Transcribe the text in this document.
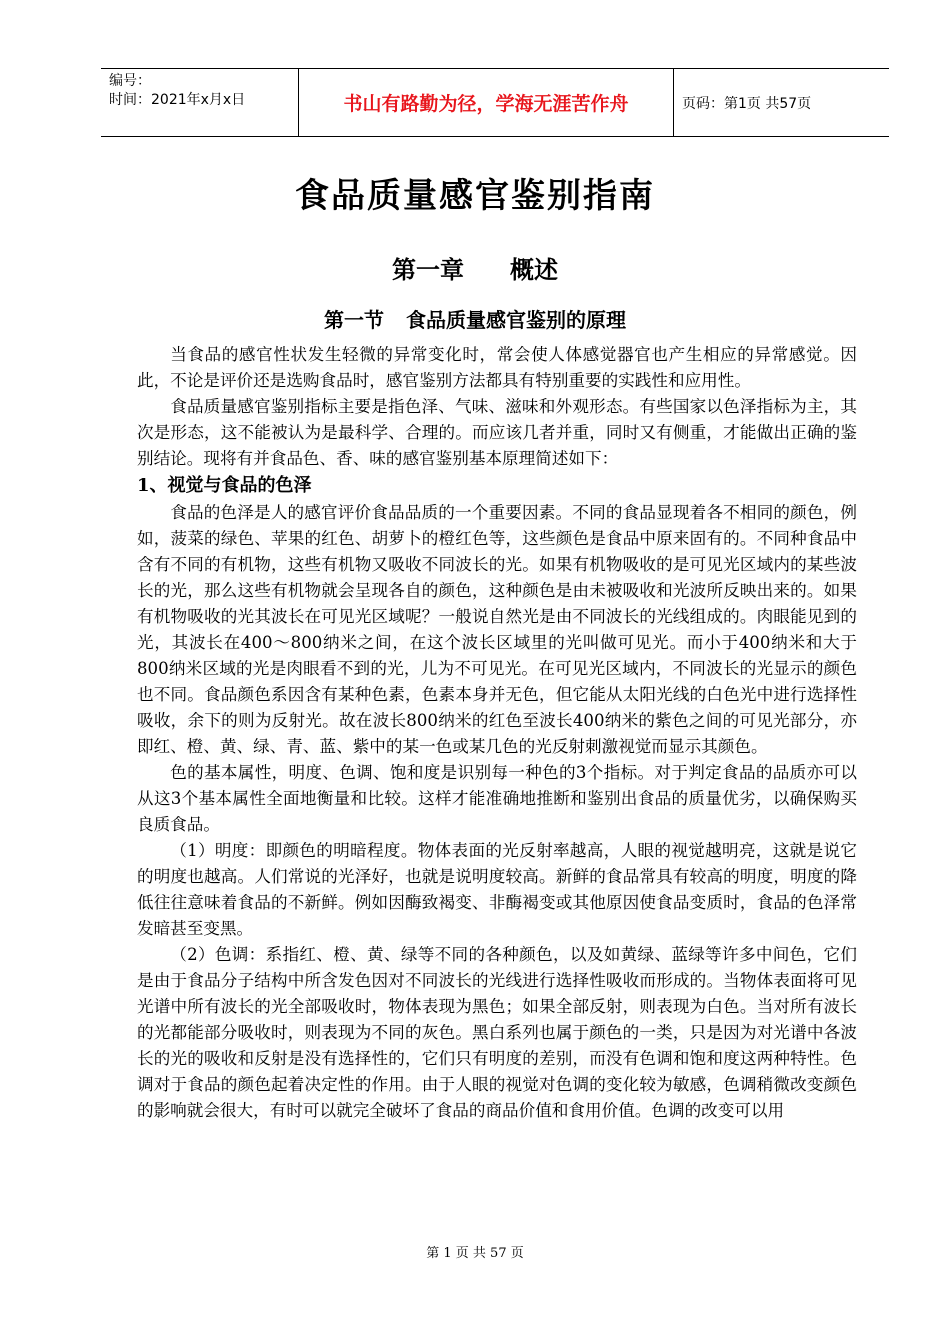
编号：
时间：2021年x月x日	书山有路勤为径，学海无涯苦作舟	页码：第1页 共57页
食品质量感官鉴别指南
第一章 概述
第一节 食品质量感官鉴别的原理

当食品的感官性状发生轻微的异常变化时，常会使人体感觉器官也产生相应的异常感觉。因此，不论是评价还是选购食品时，感官鉴别方法都具有特别重要的实践性和应用性。

食品质量感官鉴别指标主要是指色泽、气味、滋味和外观形态。有些国家以色泽指标为主，其次是形态，这不能被认为是最科学、合理的。而应该几者并重，同时又有侧重，才能做出正确的鉴别结论。现将有并食品色、香、味的感官鉴别基本原理简述如下：

1、视觉与食品的色泽

食品的色泽是人的感官评价食品品质的一个重要因素。不同的食品显现着各不相同的颜色，例如，菠菜的绿色、苹果的红色、胡萝卜的橙红色等，这些颜色是食品中原来固有的。不同种食品中含有不同的有机物，这些有机物又吸收不同波长的光。如果有机物吸收的是可见光区域内的某些波长的光，那么这些有机物就会呈现各自的颜色，这种颜色是由未被吸收和光波所反映出来的。如果有机物吸收的光其波长在可见光区域呢？一般说自然光是由不同波长的光线组成的。肉眼能见到的光，其波长在400～800纳米之间，在这个波长区域里的光叫做可见光。而小于400纳米和大于800纳米区域的光是肉眼看不到的光，儿为不可见光。在可见光区域内，不同波长的光显示的颜色也不同。食品颜色系因含有某种色素，色素本身并无色，但它能从太阳光线的白色光中进行选择性吸收，余下的则为反射光。故在波长800纳米的红色至波长400纳米的紫色之间的可见光部分，亦即红、橙、黄、绿、青、蓝、紫中的某一色或某几色的光反射刺激视觉而显示其颜色。

色的基本属性，明度、色调、饱和度是识别每一种色的3个指标。对于判定食品的品质亦可以从这3个基本属性全面地衡量和比较。这样才能准确地推断和鉴别出食品的质量优劣，以确保购买良质食品。

（1）明度：即颜色的明暗程度。物体表面的光反射率越高，人眼的视觉越明亮，这就是说它的明度也越高。人们常说的光泽好，也就是说明度较高。新鲜的食品常具有较高的明度，明度的降低往往意味着食品的不新鲜。例如因酶致褐变、非酶褐变或其他原因使食品变质时，食品的色泽常发暗甚至变黑。

（2）色调：系指红、橙、黄、绿等不同的各种颜色，以及如黄绿、蓝绿等许多中间色，它们是由于食品分子结构中所含发色因对不同波长的光线进行选择性吸收而形成的。当物体表面将可见光谱中所有波长的光全部吸收时，物体表现为黑色；如果全部反射，则表现为白色。当对所有波长的光都能部分吸收时，则表现为不同的灰色。黑白系列也属于颜色的一类，只是因为对光谱中各波长的光的吸收和反射是没有选择性的，它们只有明度的差别，而没有色调和饱和度这两种特性。色调对于食品的颜色起着决定性的作用。由于人眼的视觉对色调的变化较为敏感，色调稍微改变颜色的影响就会很大，有时可以就完全破坏了食品的商品价值和食用价值。色调的改变可以用

第 1 页 共 57 页
